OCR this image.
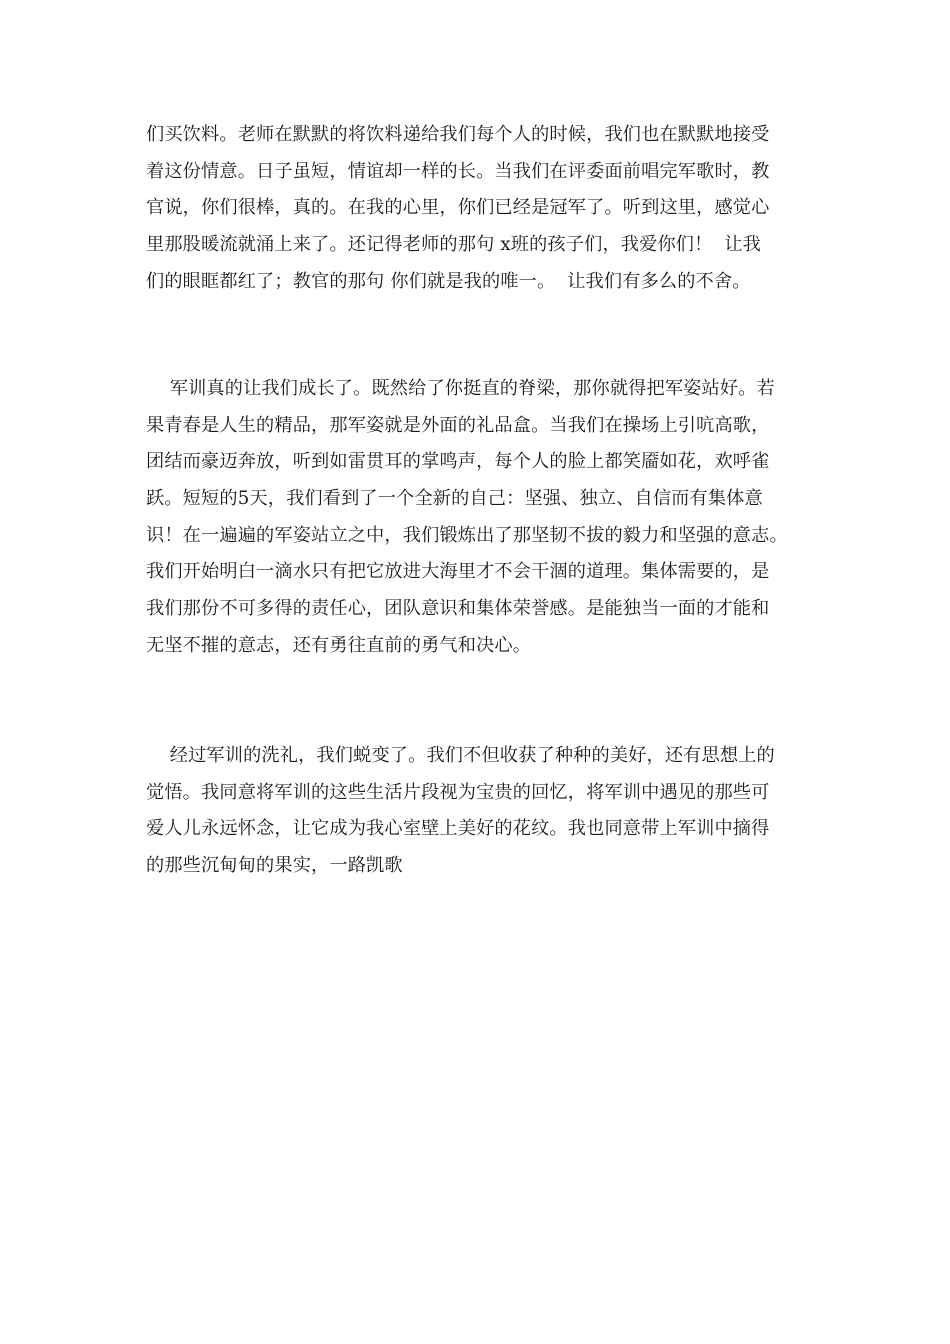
们买饮料。老师在默默的将饮料递给我们每个人的时候，我们也在默默地接受
着这份情意。日子虽短，情谊却一样的长。当我们在评委面前唱完军歌时，教
官说，你们很棒，真的。在我的心里，你们已经是冠军了。听到这里，感觉心
里那股暖流就涌上来了。还记得老师的那句 x班的孩子们，我爱你们！  让我
们的眼眶都红了；教官的那句 你们就是我的唯一。  让我们有多么的不舍。
军训真的让我们成长了。既然给了你挺直的脊梁，那你就得把军姿站好。若
果青春是人生的精品，那军姿就是外面的礼品盒。当我们在操场上引吭高歌，
团结而豪迈奔放，听到如雷贯耳的掌鸣声，每个人的脸上都笑靥如花，欢呼雀
跃。短短的5天，我们看到了一个全新的自己：坚强、独立、自信而有集体意
识！在一遍遍的军姿站立之中，我们锻炼出了那坚韧不拔的毅力和坚强的意志。
我们开始明白一滴水只有把它放进大海里才不会干涸的道理。集体需要的，是
我们那份不可多得的责任心，团队意识和集体荣誉感。是能独当一面的才能和
无坚不摧的意志，还有勇往直前的勇气和决心。
经过军训的洗礼，我们蜕变了。我们不但收获了种种的美好，还有思想上的
觉悟。我同意将军训的这些生活片段视为宝贵的回忆，将军训中遇见的那些可
爱人儿永远怀念，让它成为我心室壁上美好的花纹。我也同意带上军训中摘得
的那些沉甸甸的果实，一路凯歌
